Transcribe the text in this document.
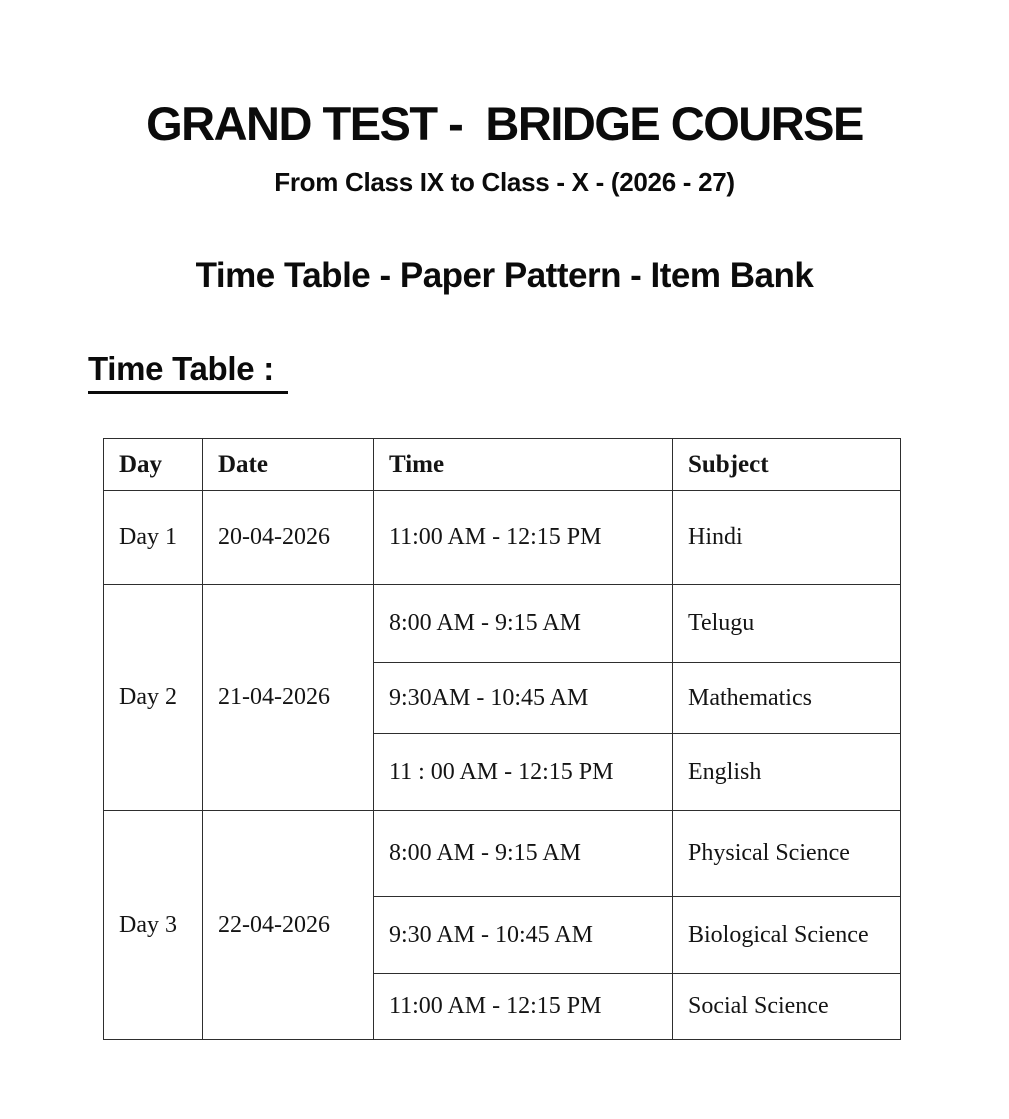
GRAND TEST -  BRIDGE COURSE
From Class IX to Class - X - (2026 - 27)
Time Table - Paper Pattern - Item Bank
Time Table :
Day	Date	Time	Subject
Day 1	20-04-2026	11:00 AM - 12:15 PM	Hindi
Day 2	21-04-2026	8:00 AM - 9:15 AM	Telugu
		9:30AM - 10:45 AM	Mathematics
		11 : 00 AM - 12:15 PM	English
Day 3	22-04-2026	8:00 AM - 9:15 AM	Physical Science
		9:30 AM - 10:45 AM	Biological Science
		11:00 AM - 12:15 PM	Social Science
